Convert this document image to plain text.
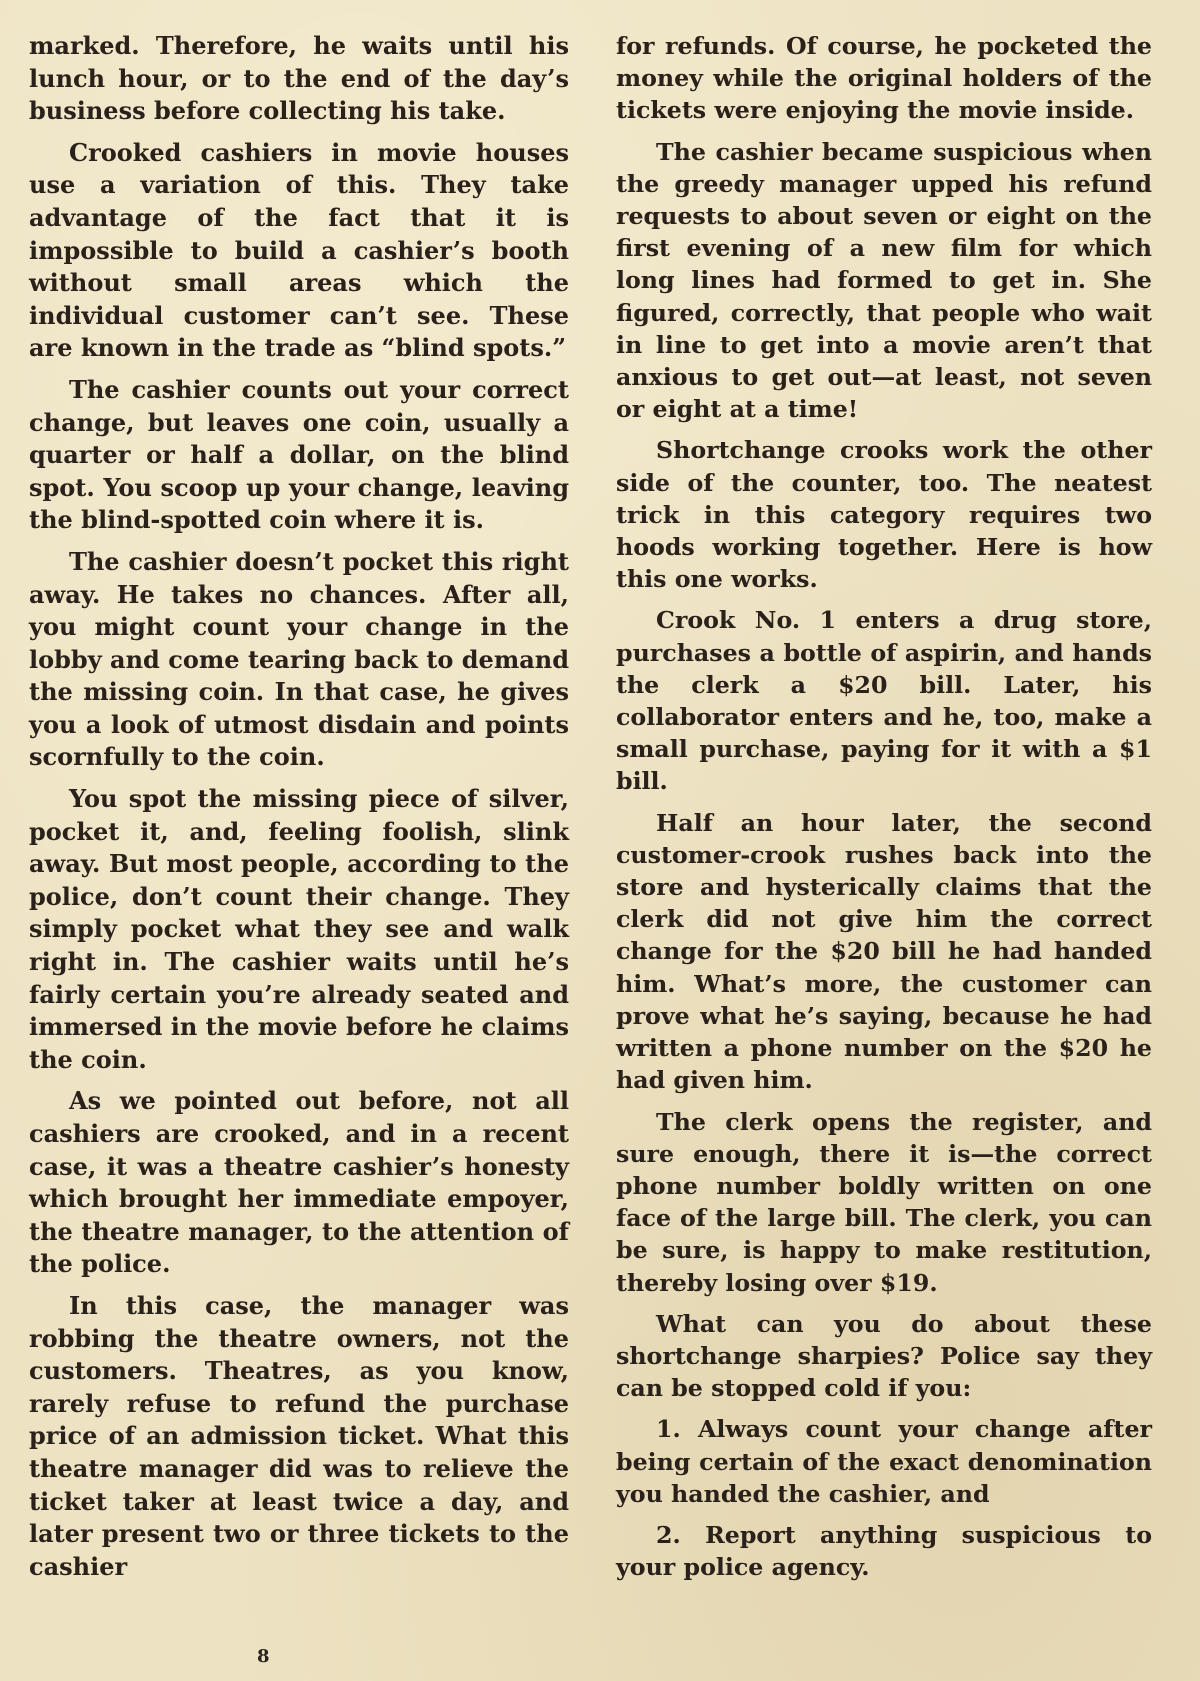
marked. Therefore, he waits until his lunch hour, or to the end of the day’s business before collecting his take.

Crooked cashiers in movie houses use a variation of this. They take advantage of the fact that it is impossible to build a cashier’s booth without small areas which the individual customer can’t see. These are known in the trade as “blind spots.”

The cashier counts out your correct change, but leaves one coin, usually a quarter or half a dollar, on the blind spot. You scoop up your change, leaving the blind-spotted coin where it is.

The cashier doesn’t pocket this right away. He takes no chances. After all, you might count your change in the lobby and come tearing back to demand the missing coin. In that case, he gives you a look of utmost disdain and points scornfully to the coin.

You spot the missing piece of silver, pocket it, and, feeling foolish, slink away. But most people, according to the police, don’t count their change. They simply pocket what they see and walk right in. The cashier waits until he’s fairly certain you’re already seated and immersed in the movie before he claims the coin.

As we pointed out before, not all cashiers are crooked, and in a recent case, it was a theatre cashier’s honesty which brought her immediate empoyer, the theatre manager, to the attention of the police.

In this case, the manager was robbing the theatre owners, not the customers. Theatres, as you know, rarely refuse to refund the purchase price of an admission ticket. What this theatre manager did was to relieve the ticket taker at least twice a day, and later present two or three tickets to the cashier

for refunds. Of course, he pocketed the money while the original holders of the tickets were enjoying the movie inside.

The cashier became suspicious when the greedy manager upped his refund requests to about seven or eight on the first evening of a new film for which long lines had formed to get in. She figured, correctly, that people who wait in line to get into a movie aren’t that anxious to get out—at least, not seven or eight at a time!

Shortchange crooks work the other side of the counter, too. The neatest trick in this category requires two hoods working together. Here is how this one works.

Crook No. 1 enters a drug store, purchases a bottle of aspirin, and hands the clerk a $20 bill. Later, his collaborator enters and he, too, make a small purchase, paying for it with a $1 bill.

Half an hour later, the second customer-crook rushes back into the store and hysterically claims that the clerk did not give him the correct change for the $20 bill he had handed him. What’s more, the customer can prove what he’s saying, because he had written a phone number on the $20 he had given him.

The clerk opens the register, and sure enough, there it is—the correct phone number boldly written on one face of the large bill. The clerk, you can be sure, is happy to make restitution, thereby losing over $19.

What can you do about these shortchange sharpies? Police say they can be stopped cold if you:

1. Always count your change after being certain of the exact denomination you handed the cashier, and

2. Report anything suspicious to your police agency.

8
